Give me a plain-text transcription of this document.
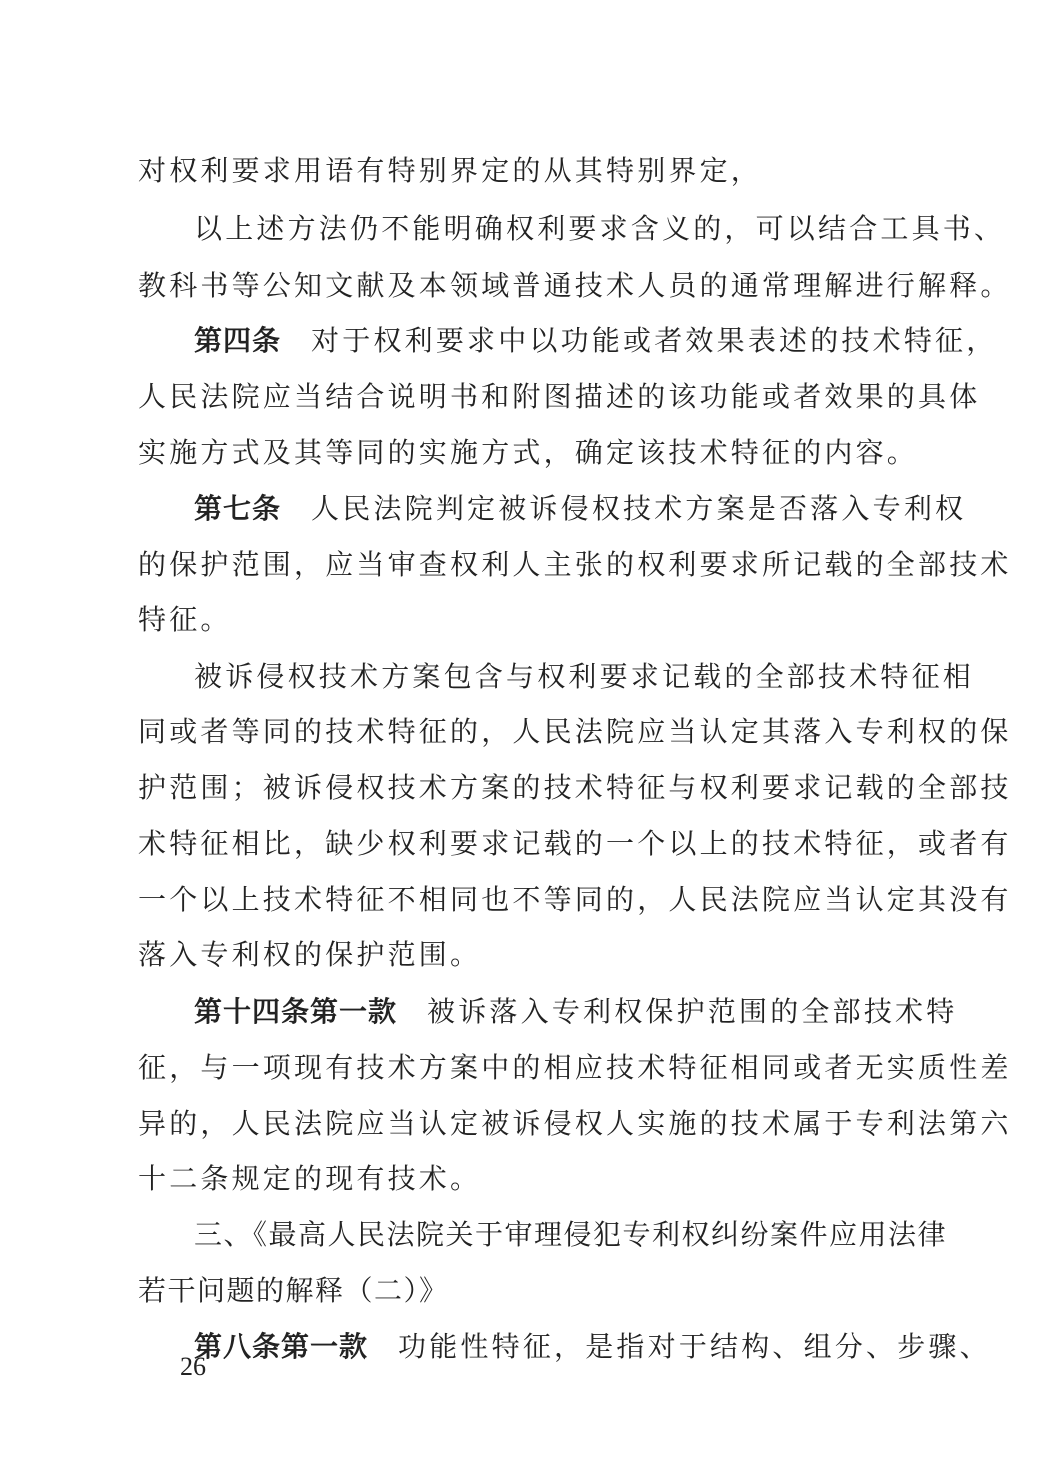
对权利要求用语有特别界定的从其特别界定，
以上述方法仍不能明确权利要求含义的，可以结合工具书、
教科书等公知文献及本领域普通技术人员的通常理解进行解释。
第四条 对于权利要求中以功能或者效果表述的技术特征，
人民法院应当结合说明书和附图描述的该功能或者效果的具体
实施方式及其等同的实施方式，确定该技术特征的内容。
第七条 人民法院判定被诉侵权技术方案是否落入专利权
的保护范围，应当审查权利人主张的权利要求所记载的全部技术
特征。
被诉侵权技术方案包含与权利要求记载的全部技术特征相
同或者等同的技术特征的，人民法院应当认定其落入专利权的保
护范围；被诉侵权技术方案的技术特征与权利要求记载的全部技
术特征相比，缺少权利要求记载的一个以上的技术特征，或者有
一个以上技术特征不相同也不等同的，人民法院应当认定其没有
落入专利权的保护范围。
第十四条第一款 被诉落入专利权保护范围的全部技术特
征，与一项现有技术方案中的相应技术特征相同或者无实质性差
异的，人民法院应当认定被诉侵权人实施的技术属于专利法第六
十二条规定的现有技术。
三、《最高人民法院关于审理侵犯专利权纠纷案件应用法律
若干问题的解释（二）》
第八条第一款 功能性特征，是指对于结构、组分、步骤、
26
